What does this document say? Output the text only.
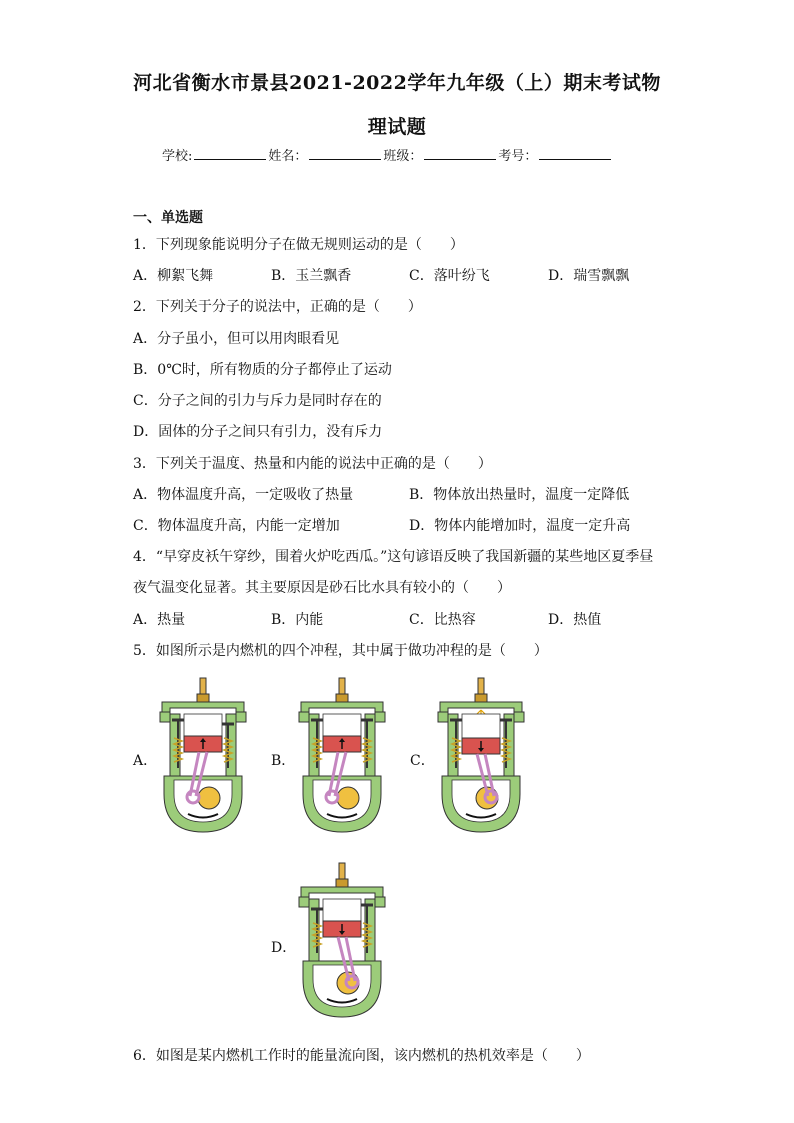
河北省衡水市景县2021-2022学年九年级（上）期末考试物
理试题
学校:	姓名：	班级：	考号：
一、单选题
1．下列现象能说明分子在做无规则运动的是（　　）
A．柳絮飞舞	B．玉兰飘香	C．落叶纷飞	D．瑞雪飘飘
2．下列关于分子的说法中，正确的是（　　）
A．分子虽小，但可以用肉眼看见
B．0℃时，所有物质的分子都停止了运动
C．分子之间的引力与斥力是同时存在的
D．固体的分子之间只有引力，没有斥力
3．下列关于温度、热量和内能的说法中正确的是（　　）
A．物体温度升高，一定吸收了热量	B．物体放出热量时，温度一定降低
C．物体温度升高，内能一定增加	D．物体内能增加时，温度一定升高
4．“早穿皮袄午穿纱，围着火炉吃西瓜。”这句谚语反映了我国新疆的某些地区夏季昼
夜气温变化显著。其主要原因是砂石比水具有较小的（　　）
A．热量	B．内能	C．比热容	D．热值
5．如图所示是内燃机的四个冲程，其中属于做功冲程的是（　　）
A．	B．	C．
D．
6．如图是某内燃机工作时的能量流向图，该内燃机的热机效率是（　　）
